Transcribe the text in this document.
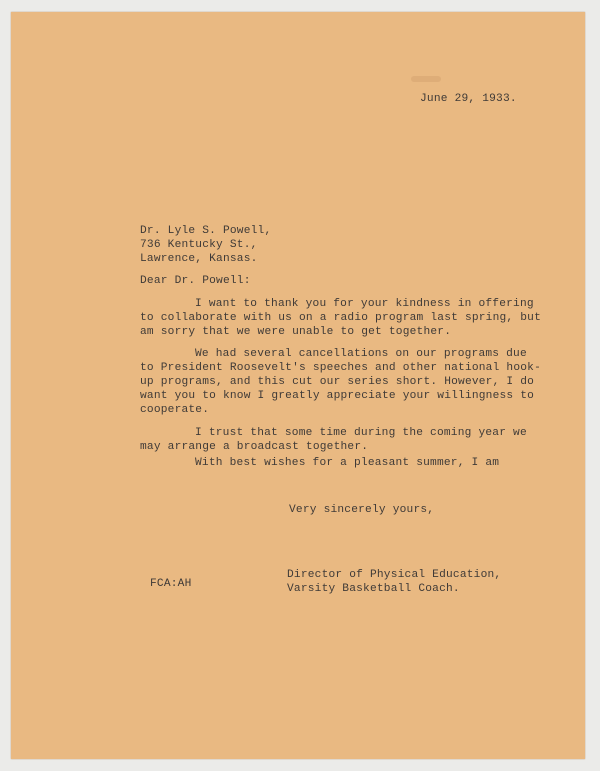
June 29, 1933.
Dr. Lyle S. Powell,
736 Kentucky St.,
Lawrence, Kansas.
Dear Dr. Powell:
I want to thank you for your kindness in offering
to collaborate with us on a radio program last spring, but
am sorry that we were unable to get together.
We had several cancellations on our programs due
to President Roosevelt's speeches and other national hook-
up programs, and this cut our series short. However, I do
want you to know I greatly appreciate your willingness to
cooperate.
I trust that some time during the coming year we
may arrange a broadcast together.
With best wishes for a pleasant summer, I am
Very sincerely yours,
FCA:AH
Director of Physical Education,
Varsity Basketball Coach.
